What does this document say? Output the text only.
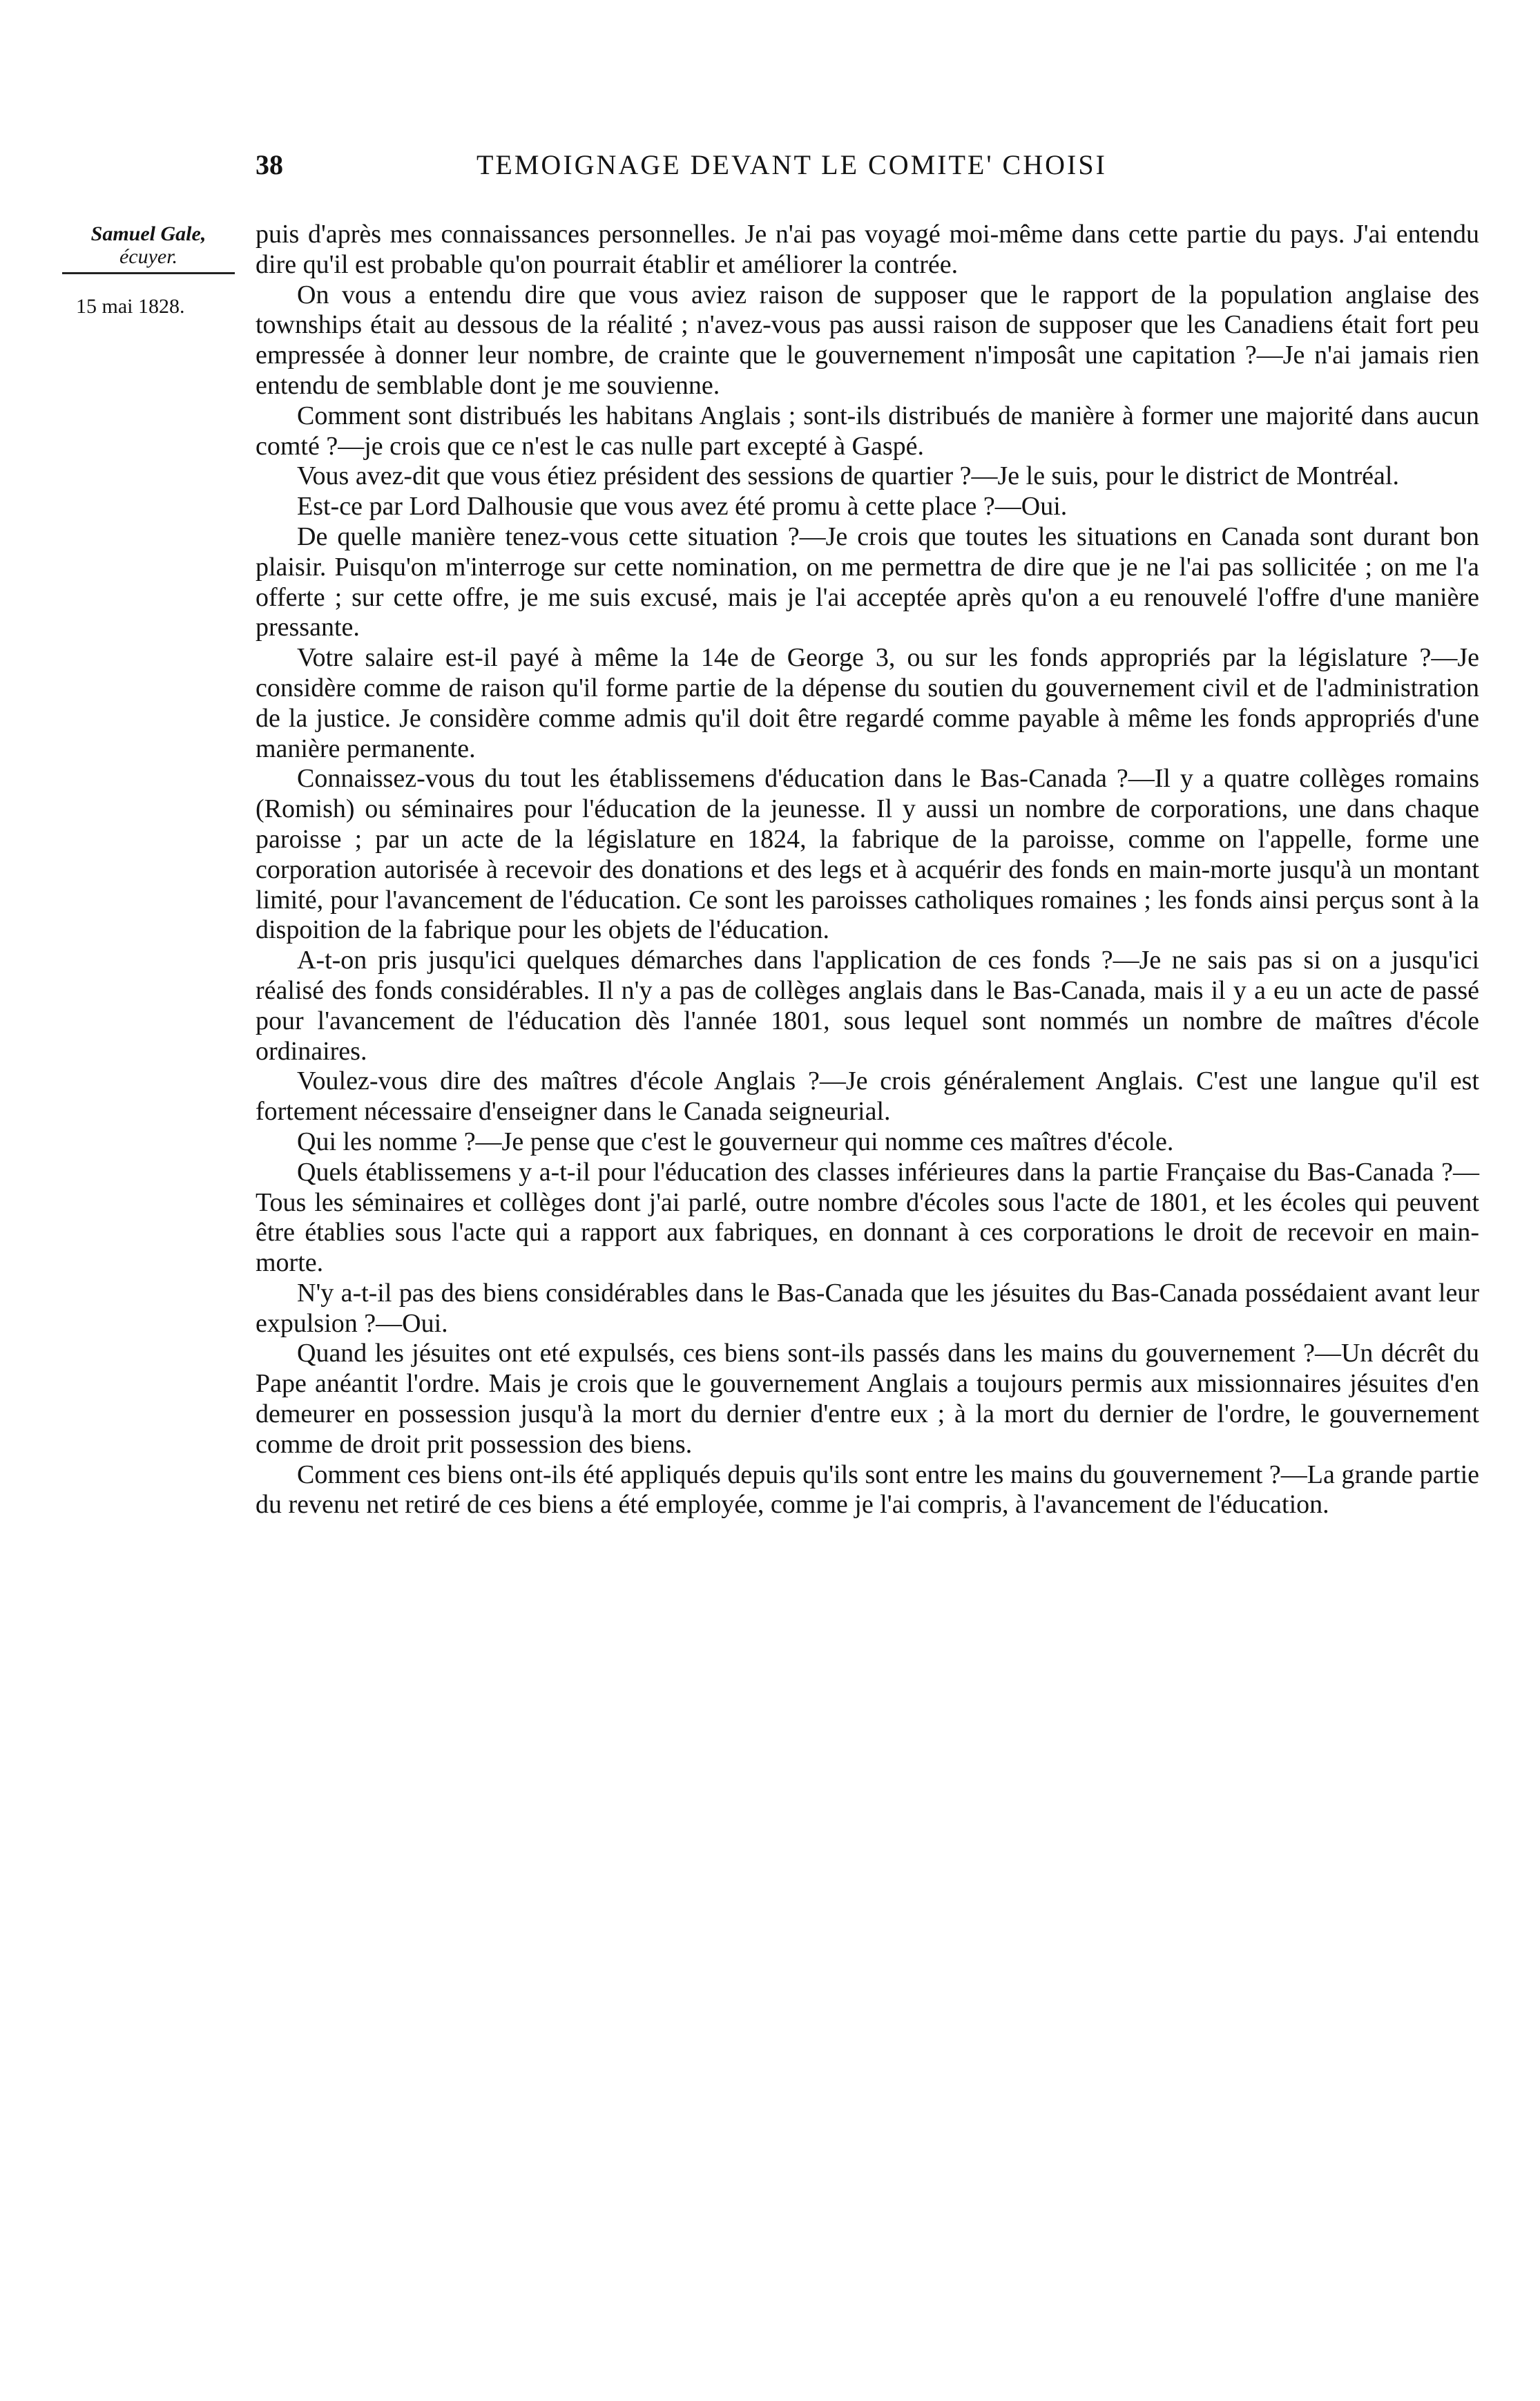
38	TEMOIGNAGE DEVANT LE COMITE' CHOISI
Samuel Gale,
écuyer.
15 mai 1828.

puis d'après mes connaissances personnelles. Je n'ai pas voyagé moi-même dans cette partie du pays. J'ai entendu dire qu'il est probable qu'on pourrait établir et améliorer la contrée.

On vous a entendu dire que vous aviez raison de supposer que le rapport de la population anglaise des townships était au dessous de la réalité ; n'avez-vous pas aussi raison de supposer que les Canadiens était fort peu empressée à donner leur nombre, de crainte que le gouvernement n'imposât une capitation ?—Je n'ai jamais rien entendu de semblable dont je me souvienne.

Comment sont distribués les habitans Anglais ; sont-ils distribués de manière à former une majorité dans aucun comté ?—je crois que ce n'est le cas nulle part excepté à Gaspé.

Vous avez-dit que vous étiez président des sessions de quartier ?—Je le suis, pour le district de Montréal.

Est-ce par Lord Dalhousie que vous avez été promu à cette place ?—Oui.

De quelle manière tenez-vous cette situation ?—Je crois que toutes les situations en Canada sont durant bon plaisir. Puisqu'on m'interroge sur cette nomination, on me permettra de dire que je ne l'ai pas sollicitée ; on me l'a offerte ; sur cette offre, je me suis excusé, mais je l'ai acceptée après qu'on a eu renouvelé l'offre d'une manière pressante.

Votre salaire est-il payé à même la 14e de George 3, ou sur les fonds appropriés par la législature ?—Je considère comme de raison qu'il forme partie de la dépense du soutien du gouvernement civil et de l'administration de la justice. Je considère comme admis qu'il doit être regardé comme payable à même les fonds appropriés d'une manière permanente.

Connaissez-vous du tout les établissemens d'éducation dans le Bas-Canada ?—Il y a quatre collèges romains (Romish) ou séminaires pour l'éducation de la jeunesse. Il y aussi un nombre de corporations, une dans chaque paroisse ; par un acte de la législature en 1824, la fabrique de la paroisse, comme on l'appelle, forme une corporation autorisée à recevoir des donations et des legs et à acquérir des fonds en main-morte jusqu'à un montant limité, pour l'avancement de l'éducation. Ce sont les paroisses catholiques romaines ; les fonds ainsi perçus sont à la dispoition de la fabrique pour les objets de l'éducation.

A-t-on pris jusqu'ici quelques démarches dans l'application de ces fonds ?—Je ne sais pas si on a jusqu'ici réalisé des fonds considérables. Il n'y a pas de collèges anglais dans le Bas-Canada, mais il y a eu un acte de passé pour l'avancement de l'éducation dès l'année 1801, sous lequel sont nommés un nombre de maîtres d'école ordinaires.

Voulez-vous dire des maîtres d'école Anglais ?—Je crois généralement Anglais. C'est une langue qu'il est fortement nécessaire d'enseigner dans le Canada seigneurial.

Qui les nomme ?—Je pense que c'est le gouverneur qui nomme ces maîtres d'école.

Quels établissemens y a-t-il pour l'éducation des classes inférieures dans la partie Française du Bas-Canada ?—Tous les séminaires et collèges dont j'ai parlé, outre nombre d'écoles sous l'acte de 1801, et les écoles qui peuvent être établies sous l'acte qui a rapport aux fabriques, en donnant à ces corporations le droit de recevoir en main-morte.

N'y a-t-il pas des biens considérables dans le Bas-Canada que les jésuites du Bas-Canada possédaient avant leur expulsion ?—Oui.

Quand les jésuites ont eté expulsés, ces biens sont-ils passés dans les mains du gouvernement ?—Un décrêt du Pape anéantit l'ordre. Mais je crois que le gouvernement Anglais a toujours permis aux missionnaires jésuites d'en demeurer en possession jusqu'à la mort du dernier d'entre eux ; à la mort du dernier de l'ordre, le gouvernement comme de droit prit possession des biens.

Comment ces biens ont-ils été appliqués depuis qu'ils sont entre les mains du gouvernement ?—La grande partie du revenu net retiré de ces biens a été employée, comme je l'ai compris, à l'avancement de l'éducation.
